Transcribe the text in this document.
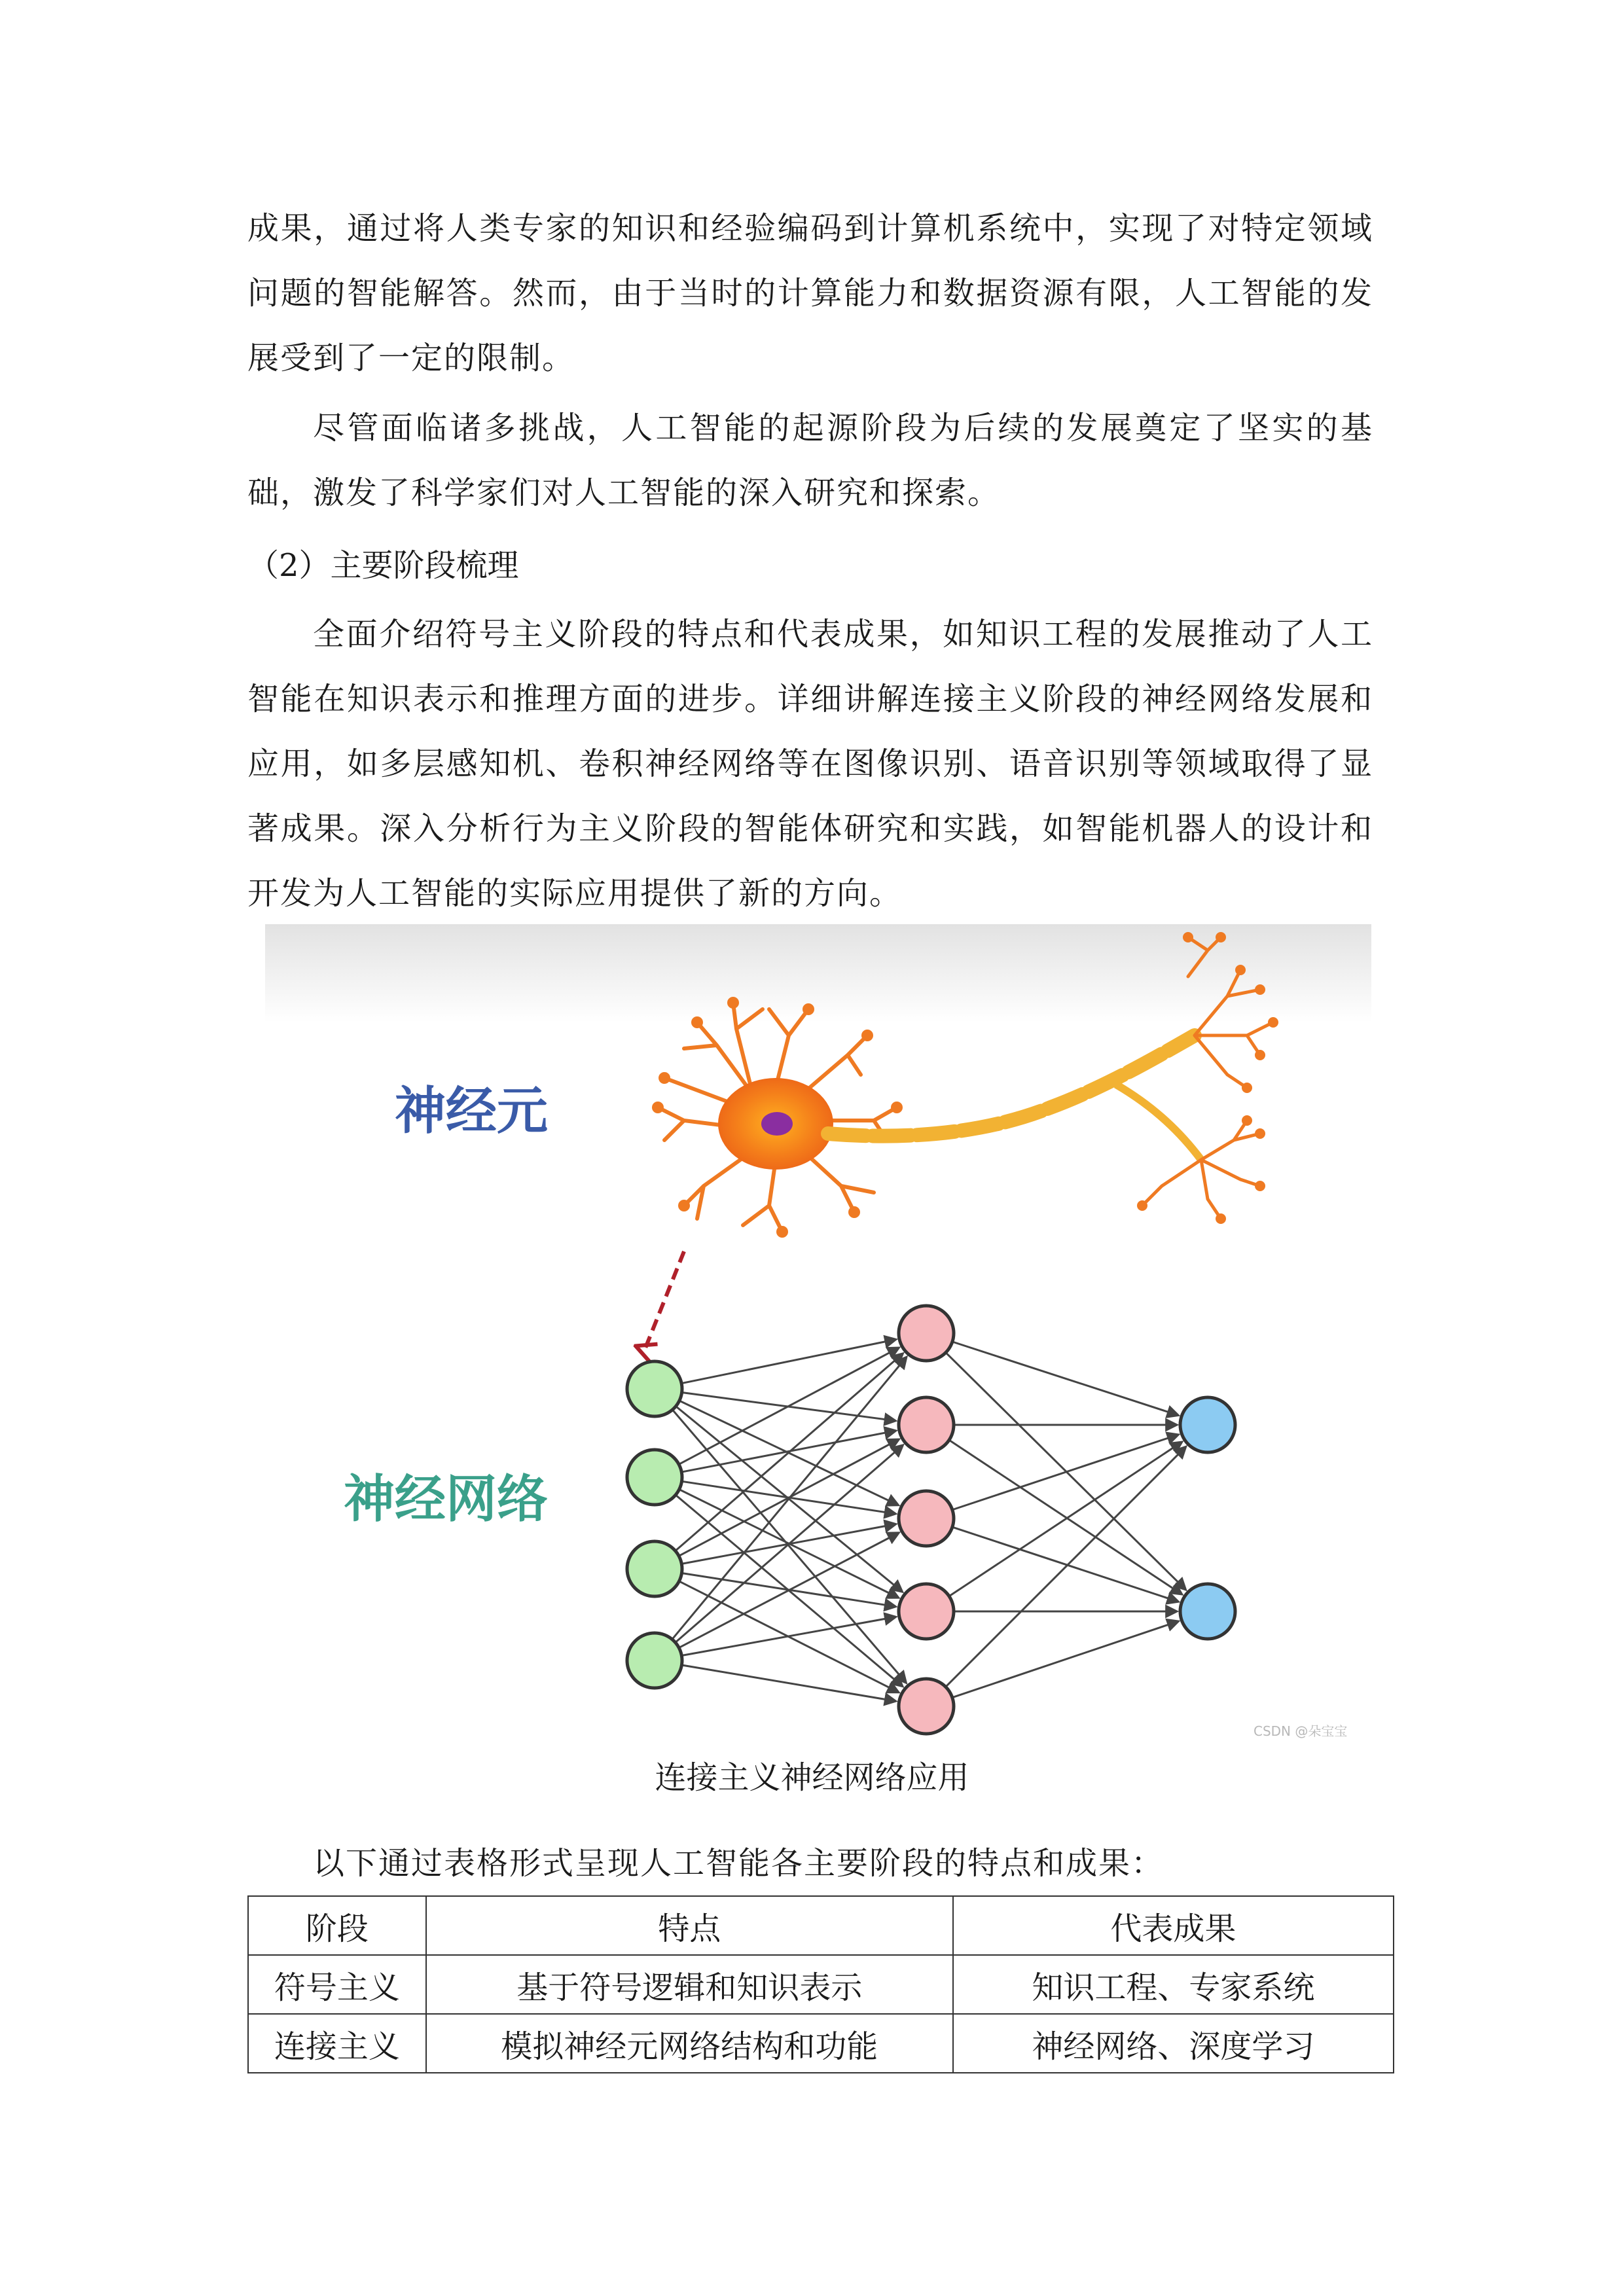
成果，通过将人类专家的知识和经验编码到计算机系统中，实现了对特定领域问题的智能解答。然而，由于当时的计算能力和数据资源有限，人工智能的发展受到了一定的限制。

尽管面临诸多挑战，人工智能的起源阶段为后续的发展奠定了坚实的基础，激发了科学家们对人工智能的深入研究和探索。

（2）主要阶段梳理

全面介绍符号主义阶段的特点和代表成果，如知识工程的发展推动了人工智能在知识表示和推理方面的进步。详细讲解连接主义阶段的神经网络发展和应用，如多层感知机、卷积神经网络等在图像识别、语音识别等领域取得了显著成果。深入分析行为主义阶段的智能体研究和实践，如智能机器人的设计和开发为人工智能的实际应用提供了新的方向。

神经元
神经网络
CSDN @朵宝宝
连接主义神经网络应用

以下通过表格形式呈现人工智能各主要阶段的特点和成果：

阶段	特点	代表成果
符号主义	基于符号逻辑和知识表示	知识工程、专家系统
连接主义	模拟神经元网络结构和功能	神经网络、深度学习
